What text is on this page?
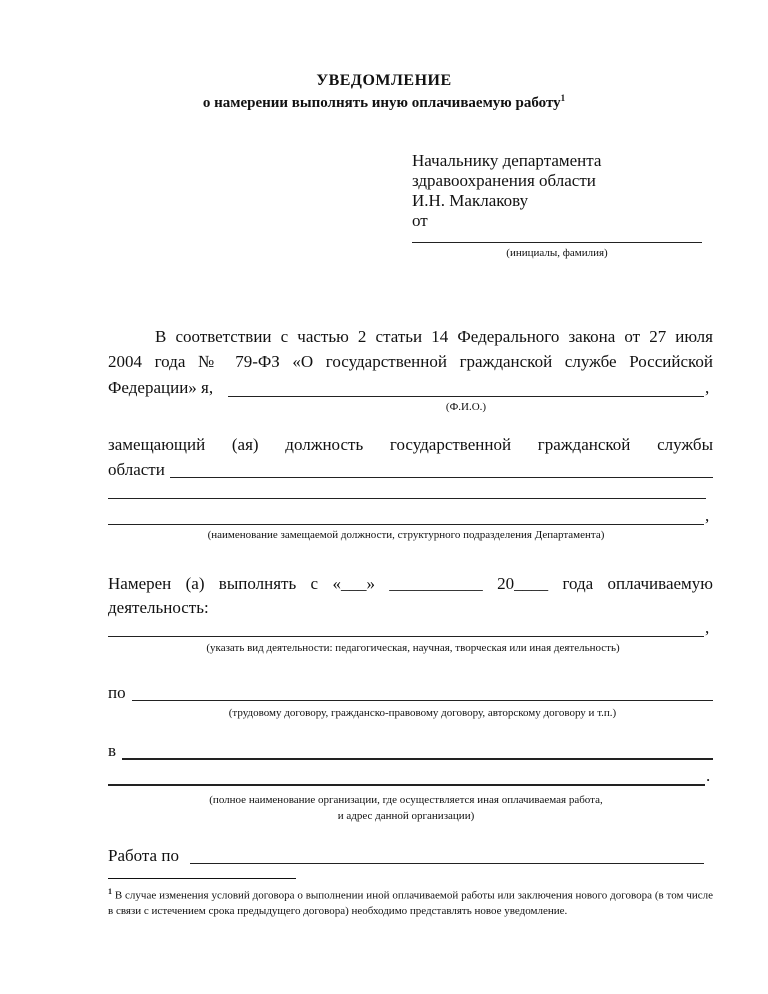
УВЕДОМЛЕНИЕ
о намерении выполнять иную оплачиваемую работу$^1$
Начальнику департамента
здравоохранения области
И.Н. Маклакову
от
(инициалы, фамилия)
В соответствии с частью 2 статьи 14 Федерального закона от 27 июля
2004 года № 79-ФЗ «О государственной гражданской службе Российской
Федерации» я,	,
(Ф.И.О.)
замещающий (ая) должность государственной гражданской службы
области
,
(наименование замещаемой должности, структурного подразделения Департамента)
Намерен (а) выполнять с «___» ___________ 20____ года оплачиваемую
деятельность:
,
(указать вид деятельности: педагогическая, научная, творческая или иная деятельность)
по
(трудовому договору, гражданско-правовому договору, авторскому договору и т.п.)
в
.
(полное наименование организации, где осуществляется иная оплачиваемая работа,
и адрес данной организации)
Работа по
$^1$ В случае изменения условий договора о выполнении иной оплачиваемой работы или заключения нового договора (в том числе в связи с истечением срока предыдущего договора) необходимо представлять новое уведомление.
